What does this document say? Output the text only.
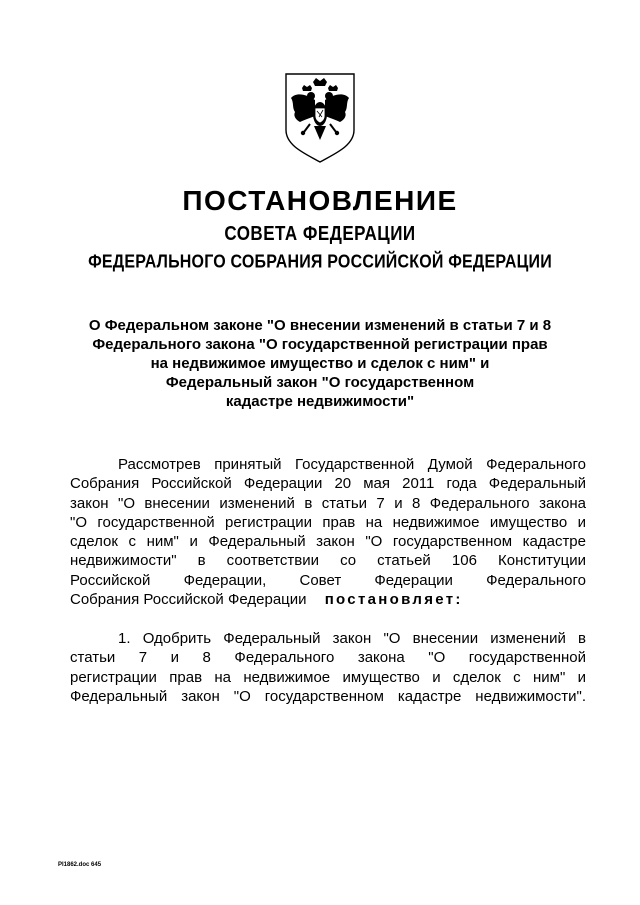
ПОСТАНОВЛЕНИЕ
СОВЕТА ФЕДЕРАЦИИ
ФЕДЕРАЛЬНОГО СОБРАНИЯ РОССИЙСКОЙ ФЕДЕРАЦИИ
О Федеральном законе "О внесении изменений в статьи 7 и 8
Федерального закона "О государственной регистрации прав
на недвижимое имущество и сделок с ним" и
Федеральный закон "О государственном
кадастре недвижимости"
Рассмотрев принятый Государственной Думой Федерального
Собрания Российской Федерации 20 мая 2011 года Федеральный
закон "О внесении изменений в статьи 7 и 8 Федерального закона
"О государственной регистрации прав на недвижимое имущество и
сделок с ним" и Федеральный закон "О государственном кадастре
недвижимости" в соответствии со статьей 106 Конституции
Российской Федерации, Совет Федерации Федерального
Собрания Российской Федерации постановляет:
1. Одобрить Федеральный закон "О внесении изменений в
статьи 7 и 8 Федерального закона "О государственной
регистрации прав на недвижимое имущество и сделок с ним" и
Федеральный закон "О государственном кадастре недвижимости".
Pl1862.doc 645
